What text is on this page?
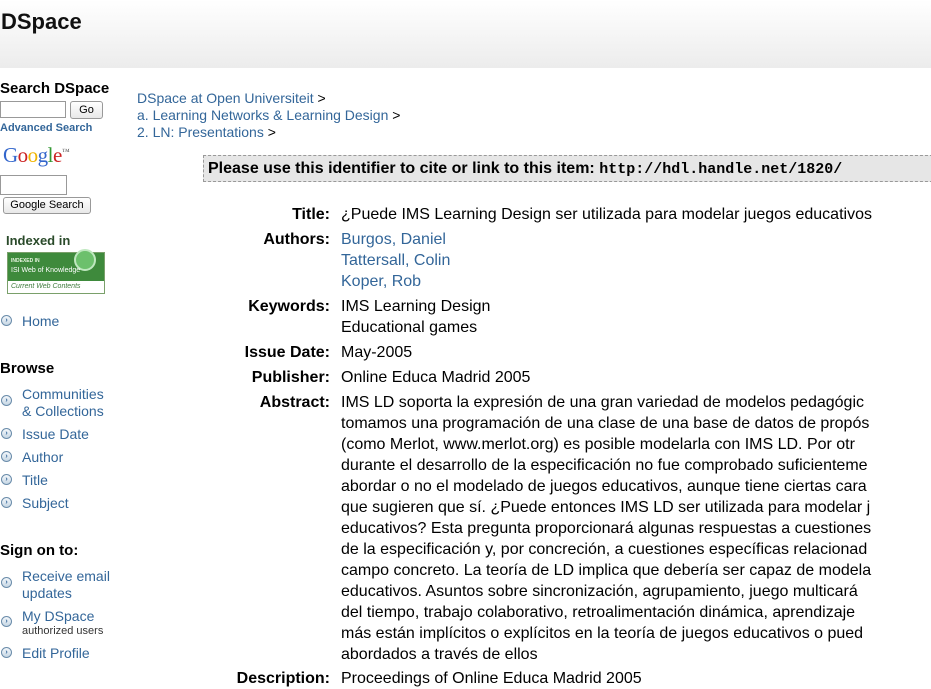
DSpace
Search DSpace
Go
Advanced Search
Google™
Google Search
Indexed in
INDEXED IN
ISI Web of Knowledge
Current Web Contents
›	Home
Browse
›	Communities
& Collections
›	Issue Date
›	Author
›	Title
›	Subject
Sign on to:
›	Receive email
updates
›	My DSpace
authorized users
›	Edit Profile
DSpace at Open Universiteit >
a. Learning Networks & Learning Design >
2. LN: Presentations >
Please use this identifier to cite or link to this item: http://hdl.handle.net/1820/
Title: ¿Puede IMS Learning Design ser utilizada para modelar juegos educativos
Authors: Burgos, Daniel
Tattersall, Colin
Koper, Rob
Keywords: IMS Learning Design
Educational games
Issue Date: May-2005
Publisher: Online Educa Madrid 2005
Abstract: IMS LD soporta la expresión de una gran variedad de modelos pedagógic
tomamos una programación de una clase de una base de datos de propós
(como Merlot, www.merlot.org) es posible modelarla con IMS LD. Por otr
durante el desarrollo de la especificación no fue comprobado suficienteme
abordar o no el modelado de juegos educativos, aunque tiene ciertas cara
que sugieren que sí. ¿Puede entonces IMS LD ser utilizada para modelar j
educativos? Esta pregunta proporcionará algunas respuestas a cuestiones
de la especificación y, por concreción, a cuestiones específicas relacionad
campo concreto. La teoría de LD implica que debería ser capaz de modela
educativos. Asuntos sobre sincronización, agrupamiento, juego multicará
del tiempo, trabajo colaborativo, retroalimentación dinámica, aprendizaje
más están implícitos o explícitos en la teoría de juegos educativos o pued
abordados a través de ellos
Description: Proceedings of Online Educa Madrid 2005
